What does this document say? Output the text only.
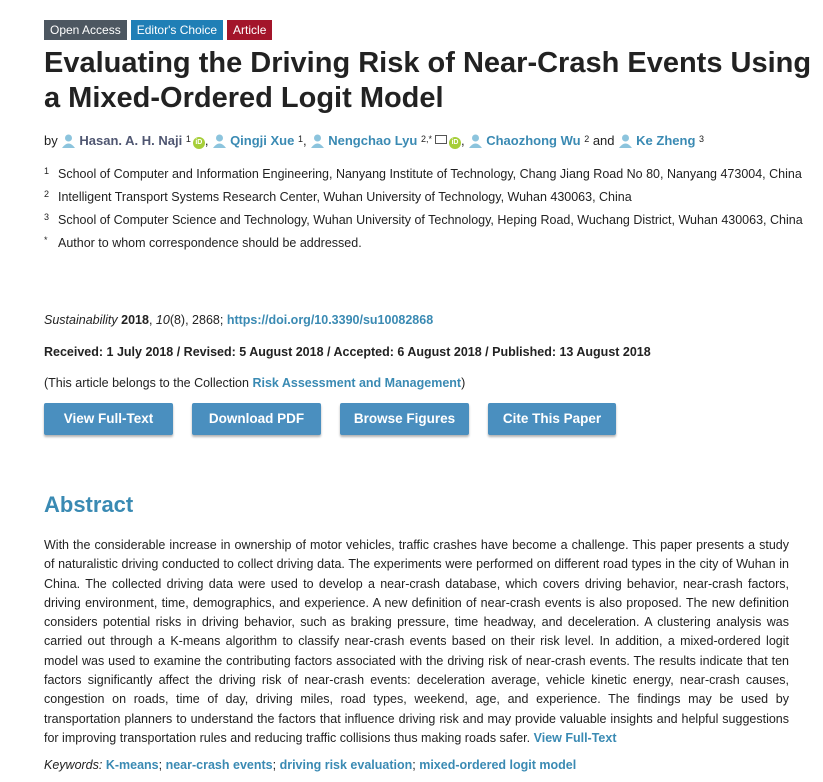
Open Access	Editor's Choice	Article
Evaluating the Driving Risk of Near-Crash Events Using a Mixed-Ordered Logit Model
by Hasan. A. H. Naji $^1$ iD , Qingji Xue $^1$, Nengchao Lyu $^{2,*}$	iD , Chaozhong Wu $^2$ and Ke Zheng $^3$
1 School of Computer and Information Engineering, Nanyang Institute of Technology, Chang Jiang Road No 80, Nanyang 473004, China
2 Intelligent Transport Systems Research Center, Wuhan University of Technology, Wuhan 430063, China
3 School of Computer Science and Technology, Wuhan University of Technology, Heping Road, Wuchang District, Wuhan 430063, China
* Author to whom correspondence should be addressed.
Sustainability 2018, 10(8), 2868; https://doi.org/10.3390/su10082868
Received: 1 July 2018 / Revised: 5 August 2018 / Accepted: 6 August 2018 / Published: 13 August 2018
(This article belongs to the Collection Risk Assessment and Management)
View Full-Text	Download PDF	Browse Figures	Cite This Paper
Abstract
With the considerable increase in ownership of motor vehicles, traffic crashes have become a challenge. This paper presents a study of naturalistic driving conducted to collect driving data. The experiments were performed on different road types in the city of Wuhan in China. The collected driving data were used to develop a near-crash database, which covers driving behavior, near-crash factors, driving environment, time, demographics, and experience. A new definition of near-crash events is also proposed. The new definition considers potential risks in driving behavior, such as braking pressure, time headway, and deceleration. A clustering analysis was carried out through a K-means algorithm to classify near-crash events based on their risk level. In addition, a mixed-ordered logit model was used to examine the contributing factors associated with the driving risk of near-crash events. The results indicate that ten factors significantly affect the driving risk of near-crash events: deceleration average, vehicle kinetic energy, near-crash causes, congestion on roads, time of day, driving miles, road types, weekend, age, and experience. The findings may be used by transportation planners to understand the factors that influence driving risk and may provide valuable insights and helpful suggestions for improving transportation rules and reducing traffic collisions thus making roads safer. View Full-Text
Keywords: K-means; near-crash events; driving risk evaluation; mixed-ordered logit model
